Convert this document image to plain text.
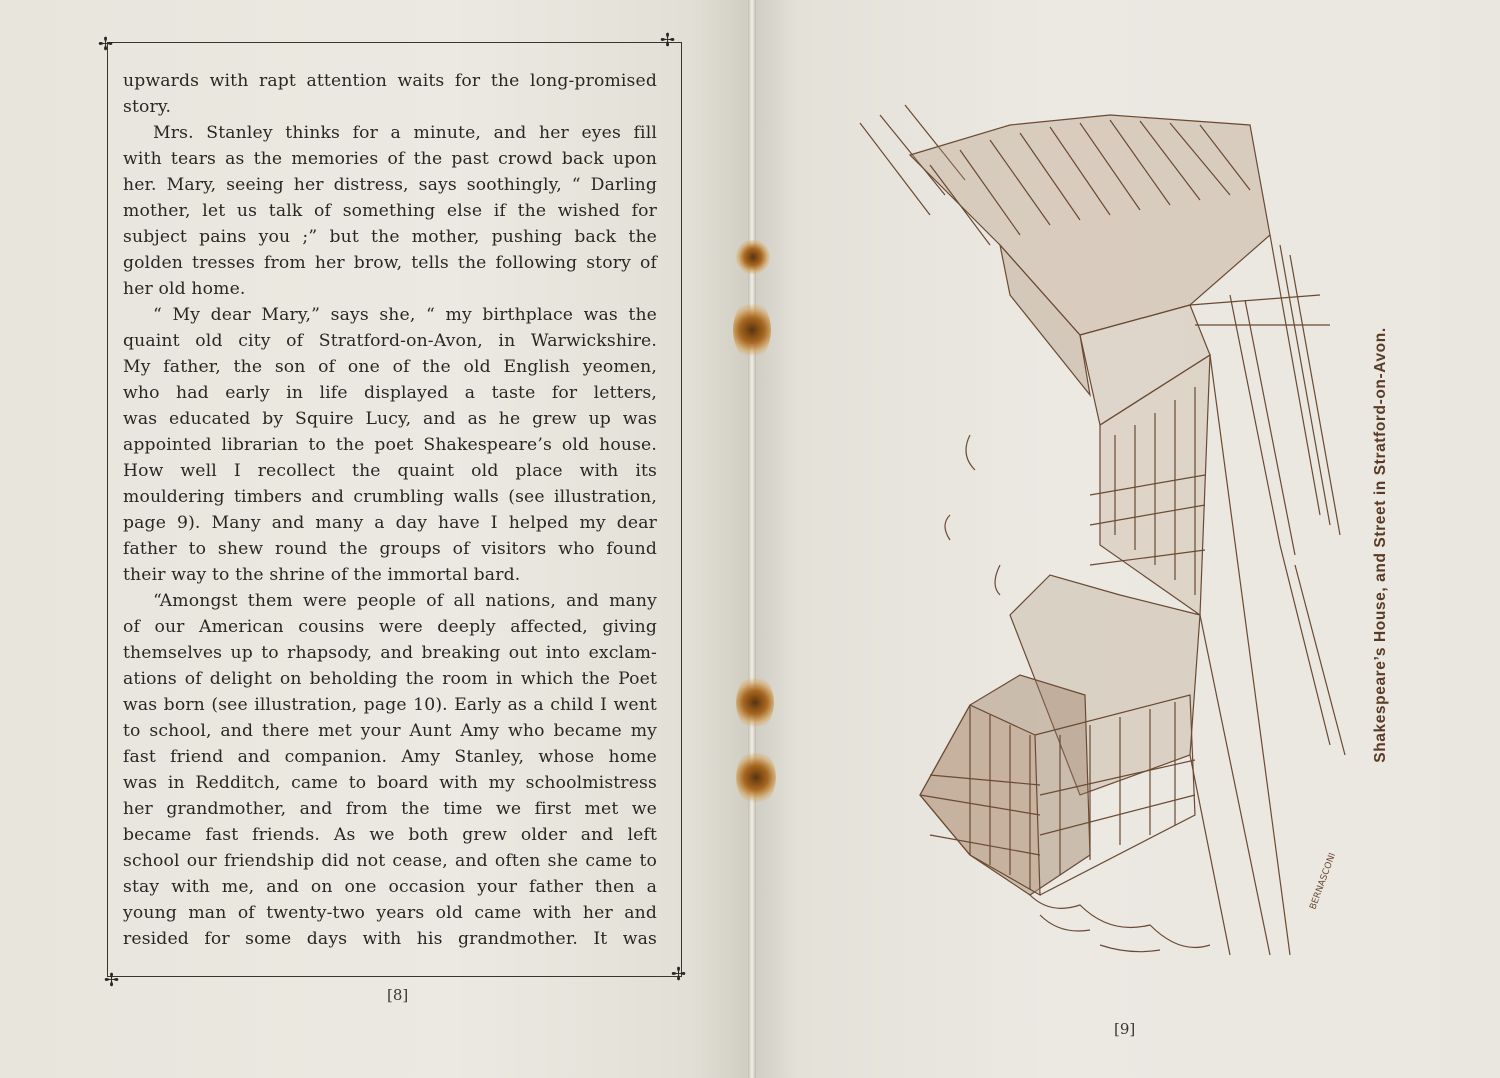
✢	✢
✢	✢
upwards with rapt attention waits for the long-promised
story.
Mrs. Stanley thinks for a minute, and her eyes fill
with tears as the memories of the past crowd back upon
her. Mary, seeing her distress, says soothingly, “ Darling
mother, let us talk of something else if the wished for
subject pains you ;” but the mother, pushing back the
golden tresses from her brow, tells the following story of
her old home.
“ My dear Mary,” says she, “ my birthplace was the
quaint old city of Stratford-on-Avon, in Warwickshire.
My father, the son of one of the old English yeomen,
who had early in life displayed a taste for letters,
was educated by Squire Lucy, and as he grew up was
appointed librarian to the poet Shakespeare’s old house.
How well I recollect the quaint old place with its
mouldering timbers and crumbling walls (see illustration,
page 9). Many and many a day have I helped my dear
father to shew round the groups of visitors who found
their way to the shrine of the immortal bard.
“Amongst them were people of all nations, and many
of our American cousins were deeply affected, giving
themselves up to rhapsody, and breaking out into exclam-
ations of delight on beholding the room in which the Poet
was born (see illustration, page 10). Early as a child I went
to school, and there met your Aunt Amy who became my
fast friend and companion. Amy Stanley, whose home
was in Redditch, came to board with my schoolmistress
her grandmother, and from the time we first met we
became fast friends. As we both grew older and left
school our friendship did not cease, and often she came to
stay with me, and on one occasion your father then a
young man of twenty-two years old came with her and
resided for some days with his grandmother. It was
[8]
BERNASCONI
Shakespeare’s House, and Street in Stratford-on-Avon.
[9]
